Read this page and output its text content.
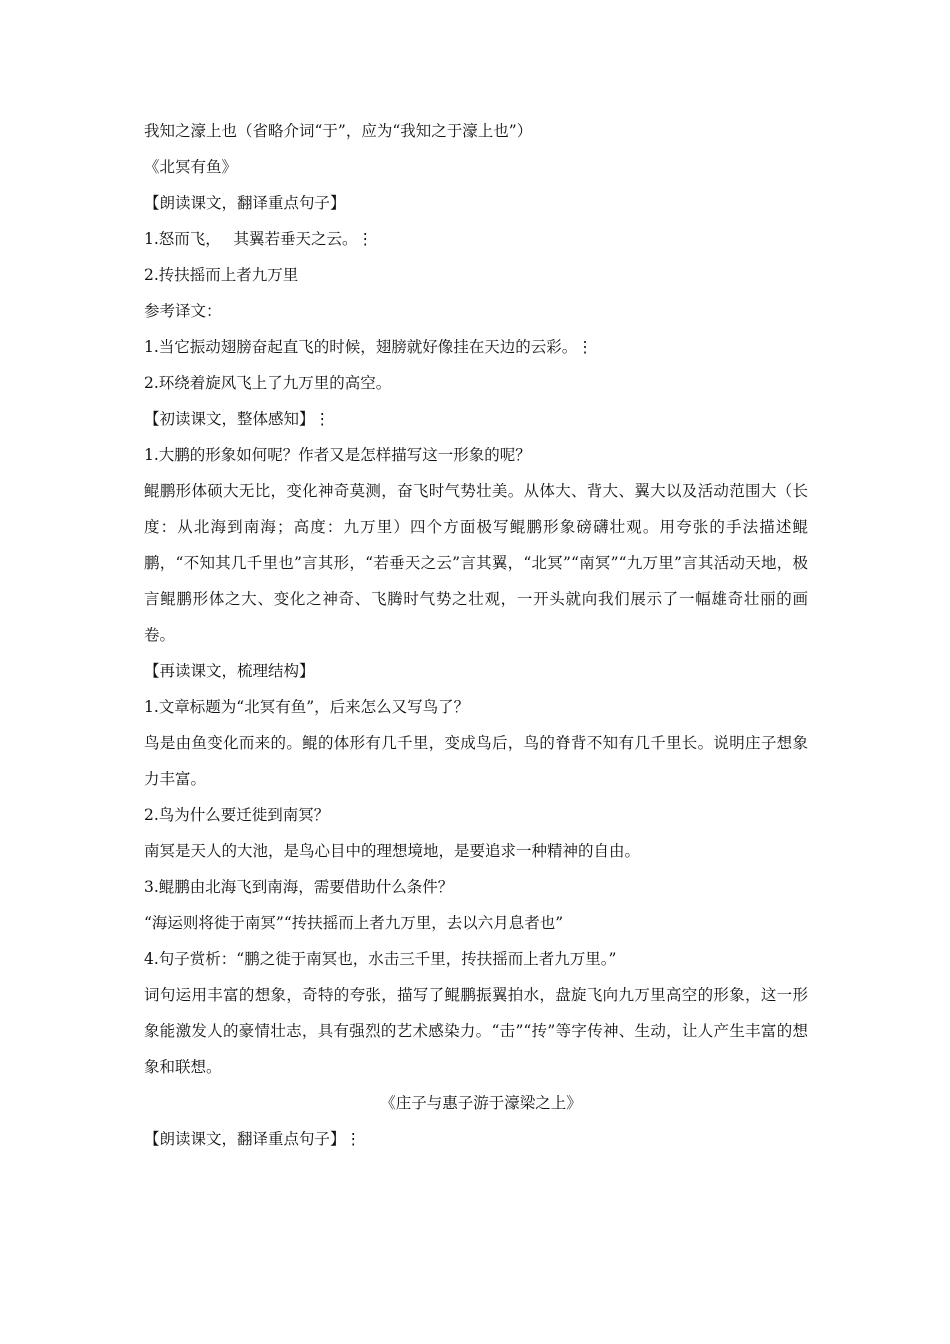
我知之濠上也（省略介词“于”，应为“我知之于濠上也”）

《北冥有鱼》

【朗读课文，翻译重点句子】

1.怒而飞，　 其翼若垂天之云。⋮

2.抟扶摇而上者九万里

参考译文：

1.当它振动翅膀奋起直飞的时候，翅膀就好像挂在天边的云彩。⋮

2.环绕着旋风飞上了九万里的高空。

【初读课文，整体感知】⋮

1.大鹏的形象如何呢？作者又是怎样描写这一形象的呢？

鲲鹏形体硕大无比，变化神奇莫测，奋飞时气势壮美。从体大、背大、翼大以及活动范围大（长度：从北海到南海；高度：九万里）四个方面极写鲲鹏形象磅礴壮观。用夸张的手法描述鲲鹏，“不知其几千里也”言其形，“若垂天之云”言其翼，“北冥”“南冥”“九万里”言其活动天地，极言鲲鹏形体之大、变化之神奇、飞腾时气势之壮观，一开头就向我们展示了一幅雄奇壮丽的画卷。

【再读课文，梳理结构】

1.文章标题为“北冥有鱼”，后来怎么又写鸟了？

鸟是由鱼变化而来的。鲲的体形有几千里，变成鸟后，鸟的脊背不知有几千里长。说明庄子想象力丰富。

2.鸟为什么要迁徙到南冥？

南冥是天人的大池，是鸟心目中的理想境地，是要追求一种精神的自由。

3.鲲鹏由北海飞到南海，需要借助什么条件？

“海运则将徙于南冥”“抟扶摇而上者九万里，去以六月息者也”

4.句子赏析：“鹏之徙于南冥也，水击三千里，抟扶摇而上者九万里。”

词句运用丰富的想象，奇特的夸张，描写了鲲鹏振翼拍水，盘旋飞向九万里高空的形象，这一形象能激发人的豪情壮志，具有强烈的艺术感染力。“击”“抟”等字传神、生动，让人产生丰富的想象和联想。

《庄子与惠子游于濠梁之上》

【朗读课文，翻译重点句子】⋮
